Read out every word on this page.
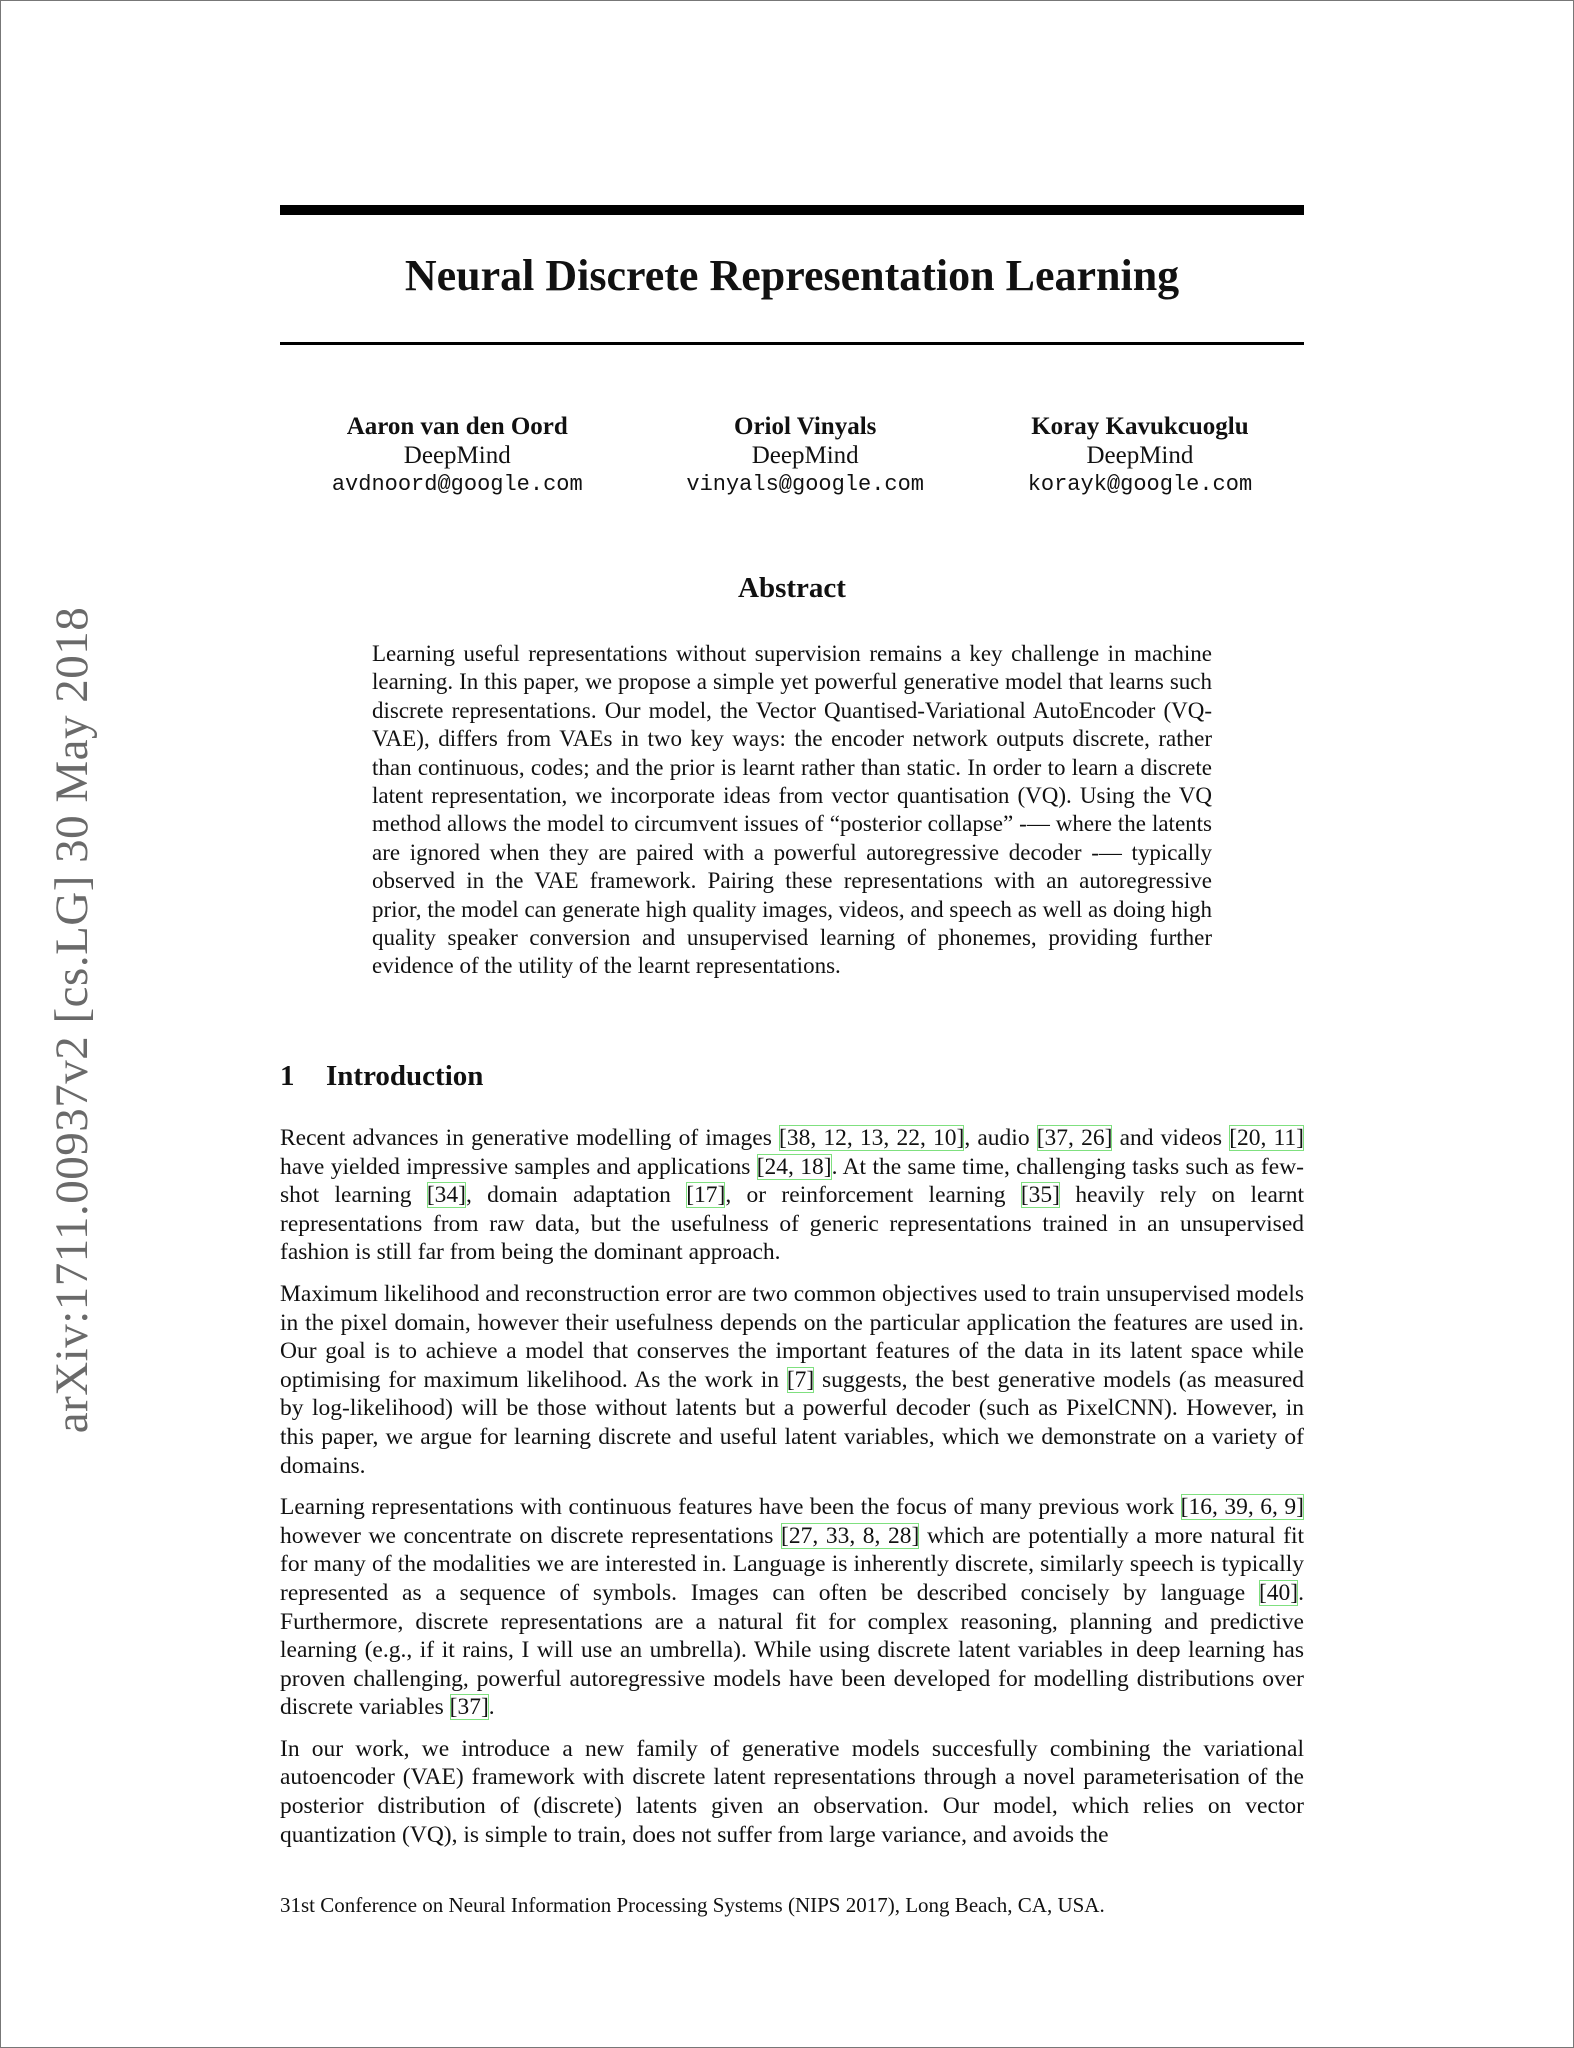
arXiv:1711.00937v2 [cs.LG] 30 May 2018
Neural Discrete Representation Learning
Aaron van den Oord
DeepMind
avdnoord@google.com
Oriol Vinyals
DeepMind
vinyals@google.com
Koray Kavukcuoglu
DeepMind
korayk@google.com
Abstract

Learning useful representations without supervision remains a key challenge in machine learning. In this paper, we propose a simple yet powerful generative model that learns such discrete representations. Our model, the Vector Quantised-Variational AutoEncoder (VQ-VAE), differs from VAEs in two key ways: the encoder network outputs discrete, rather than continuous, codes; and the prior is learnt rather than static. In order to learn a discrete latent representation, we incorporate ideas from vector quantisation (VQ). Using the VQ method allows the model to circumvent issues of “posterior collapse” -— where the latents are ignored when they are paired with a powerful autoregressive decoder -— typically observed in the VAE framework. Pairing these representations with an autoregressive prior, the model can generate high quality images, videos, and speech as well as doing high quality speaker conversion and unsupervised learning of phonemes, providing further evidence of the utility of the learnt representations.

1 Introduction

Recent advances in generative modelling of images [38, 12, 13, 22, 10], audio [37, 26] and videos [20, 11] have yielded impressive samples and applications [24, 18]. At the same time, challenging tasks such as few-shot learning [34], domain adaptation [17], or reinforcement learning [35] heavily rely on learnt representations from raw data, but the usefulness of generic representations trained in an unsupervised fashion is still far from being the dominant approach.

Maximum likelihood and reconstruction error are two common objectives used to train unsupervised models in the pixel domain, however their usefulness depends on the particular application the features are used in. Our goal is to achieve a model that conserves the important features of the data in its latent space while optimising for maximum likelihood. As the work in [7] suggests, the best generative models (as measured by log-likelihood) will be those without latents but a powerful decoder (such as PixelCNN). However, in this paper, we argue for learning discrete and useful latent variables, which we demonstrate on a variety of domains.

Learning representations with continuous features have been the focus of many previous work [16, 39, 6, 9] however we concentrate on discrete representations [27, 33, 8, 28] which are potentially a more natural fit for many of the modalities we are interested in. Language is inherently discrete, similarly speech is typically represented as a sequence of symbols. Images can often be described concisely by language [40]. Furthermore, discrete representations are a natural fit for complex reasoning, planning and predictive learning (e.g., if it rains, I will use an umbrella). While using discrete latent variables in deep learning has proven challenging, powerful autoregressive models have been developed for modelling distributions over discrete variables [37].

In our work, we introduce a new family of generative models succesfully combining the variational autoencoder (VAE) framework with discrete latent representations through a novel parameterisation of the posterior distribution of (discrete) latents given an observation. Our model, which relies on vector quantization (VQ), is simple to train, does not suffer from large variance, and avoids the

31st Conference on Neural Information Processing Systems (NIPS 2017), Long Beach, CA, USA.
